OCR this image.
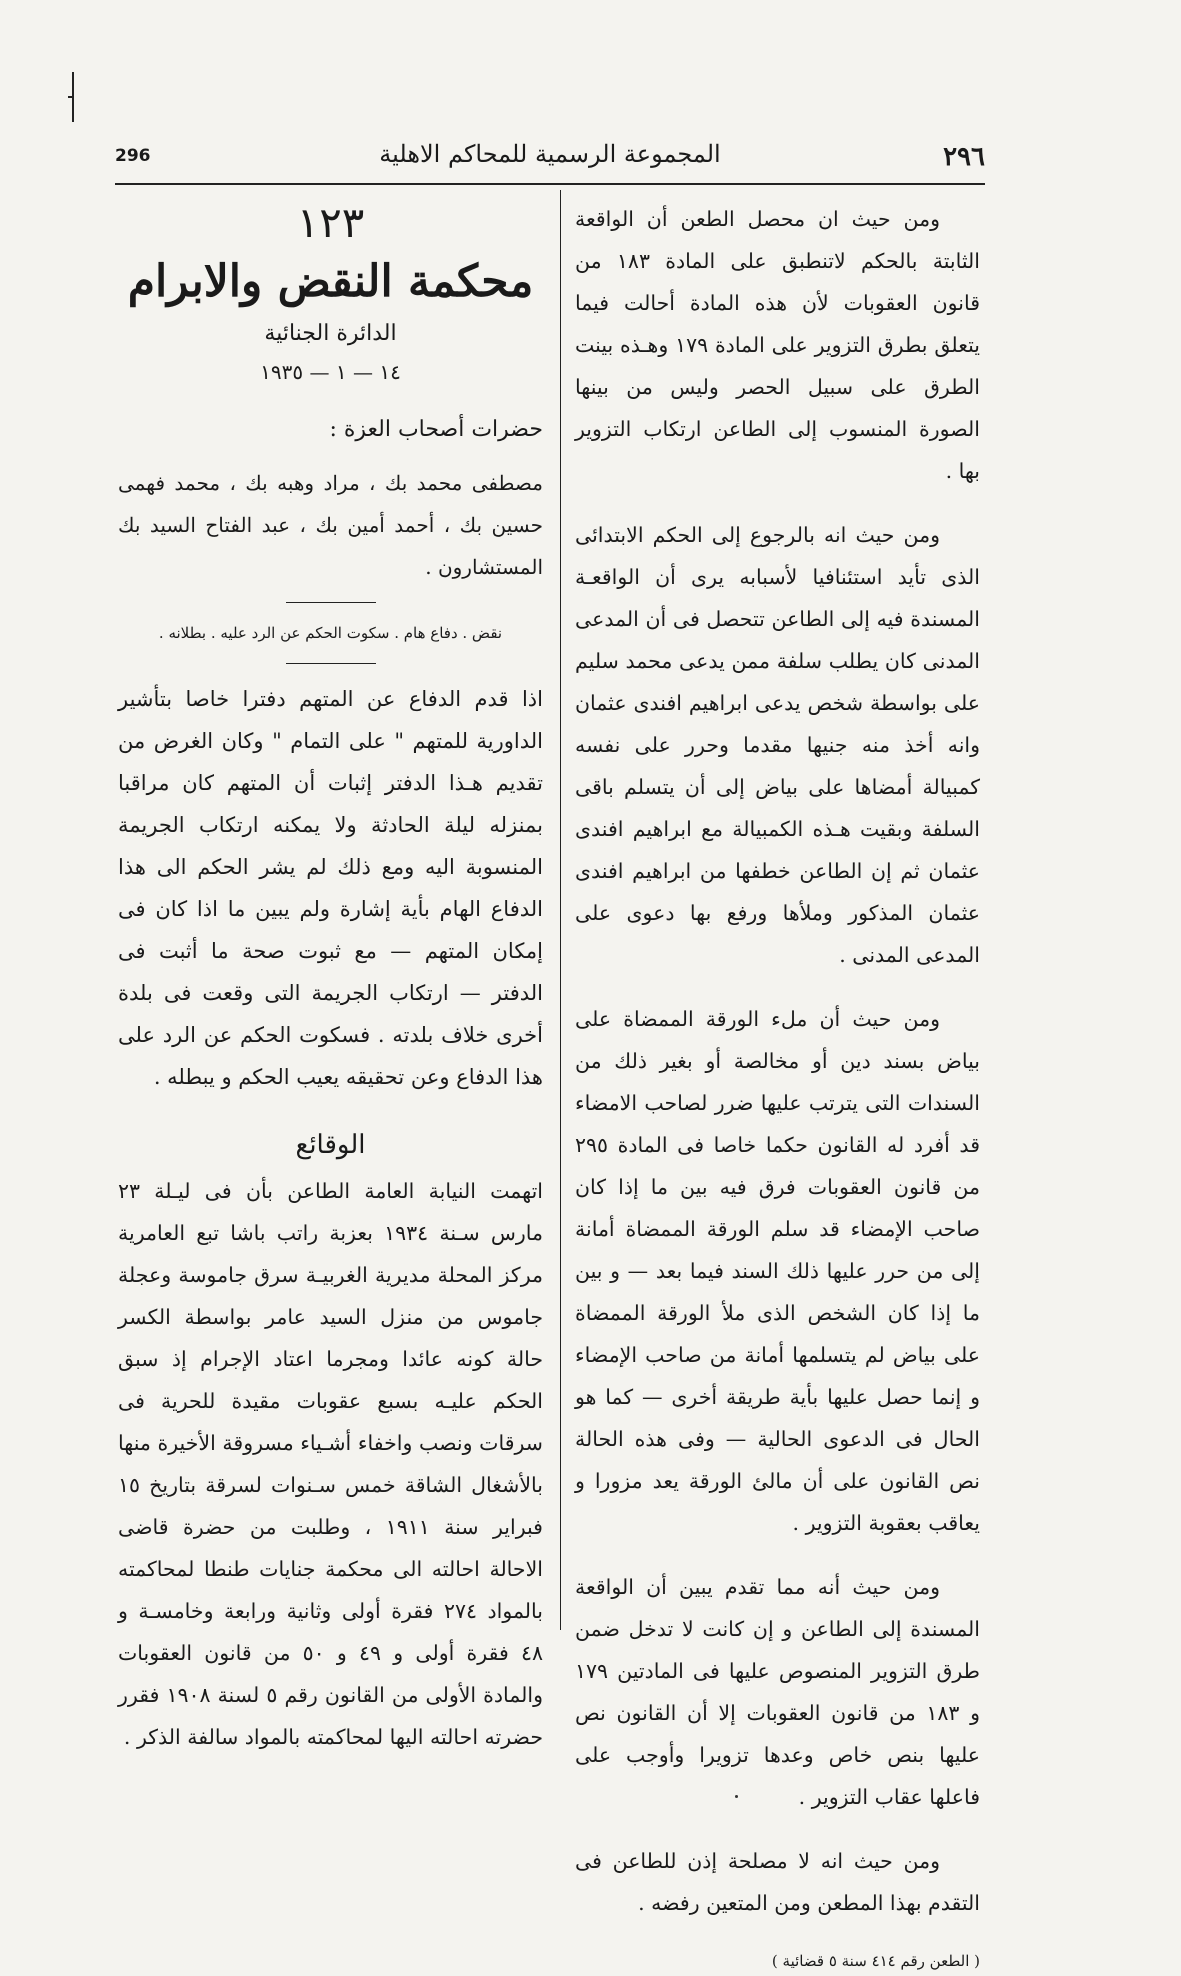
296	المجموعة الرسمية للمحاكم الاهلية	٢٩٦

ومن حيث ان محصل الطعن أن الواقعة الثابتة بالحكم لاتنطبق على المادة ١٨٣ من قانون العقوبات لأن هذه المادة أحالت فيما يتعلق بطرق التزوير على المادة ١٧٩ وهـذه بينت الطرق على سبيل الحصر وليس من بينها الصورة المنسوب إلى الطاعن ارتكاب التزوير بها .

ومن حيث انه بالرجوع إلى الحكم الابتدائى الذى تأيد استئنافيا لأسبابه يرى أن الواقعـة المسندة فيه إلى الطاعن تتحصل فى أن المدعى المدنى كان يطلب سلفة ممن يدعى محمد سليم على بواسطة شخص يدعى ابراهيم افندى عثمان وانه أخذ منه جنيها مقدما وحرر على نفسه كمبيالة أمضاها على بياض إلى أن يتسلم باقى السلفة وبقيت هـذه الكمبيالة مع ابراهيم افندى عثمان ثم إن الطاعن خطفها من ابراهيم افندى عثمان المذكور وملأها ورفع بها دعوى على المدعى المدنى .

ومن حيث أن ملء الورقة الممضاة على بياض بسند دين أو مخالصة أو بغير ذلك من السندات التى يترتب عليها ضرر لصاحب الامضاء قد أفرد له القانون حكما خاصا فى المادة ٢٩٥ من قانون العقوبات فرق فيه بين ما إذا كان صاحب الإمضاء قد سلم الورقة الممضاة أمانة إلى من حرر عليها ذلك السند فيما بعد — و بين ما إذا كان الشخص الذى ملأ الورقة الممضاة على بياض لم يتسلمها أمانة من صاحب الإمضاء و إنما حصل عليها بأية طريقة أخرى — كما هو الحال فى الدعوى الحالية — وفى هذه الحالة نص القانون على أن مالئ الورقة يعد مزورا و يعاقب بعقوبة التزوير .

ومن حيث أنه مما تقدم يبين أن الواقعة المسندة إلى الطاعن و إن كانت لا تدخل ضمن طرق التزوير المنصوص عليها فى المادتين ١٧٩ و ١٨٣ من قانون العقوبات إلا أن القانون نص عليها بنص خاص وعدها تزويرا وأوجب على فاعلها عقاب التزوير .

ومن حيث انه لا مصلحة إذن للطاعن فى التقدم بهذا المطعن ومن المتعين رفضه .

( الطعن رقم ٤١٤ سنة ٥ قضائية )
١٢٣
محكمة النقض والابرام
الدائرة الجنائية
١٤ — ١ — ١٩٣٥
حضرات أصحاب العزة :
مصطفى محمد بك ، مراد وهبه بك ، محمد فهمى حسين بك ، أحمد أمين بك ، عبد الفتاح السيد بك المستشارون .
نقض . دفاع هام . سكوت الحكم عن الرد عليه . بطلانه .

اذا قدم الدفاع عن المتهم دفترا خاصا بتأشير الداورية للمتهم " على التمام " وكان الغرض من تقديم هـذا الدفتر إثبات أن المتهم كان مراقبا بمنزله ليلة الحادثة ولا يمكنه ارتكاب الجريمة المنسوبة اليه ومع ذلك لم يشر الحكم الى هذا الدفاع الهام بأية إشارة ولم يبين ما اذا كان فى إمكان المتهم — مع ثبوت صحة ما أثبت فى الدفتر — ارتكاب الجريمة التى وقعت فى بلدة أخرى خلاف بلدته . فسكوت الحكم عن الرد على هذا الدفاع وعن تحقيقه يعيب الحكم و يبطله .

الوقائع

اتهمت النيابة العامة الطاعن بأن فى ليـلة ٢٣ مارس سـنة ١٩٣٤ بعزبة راتب باشا تبع العامرية مركز المحلة مديرية الغربيـة سرق جاموسة وعجلة جاموس من منزل السيد عامر بواسطة الكسر حالة كونه عائدا ومجرما اعتاد الإجرام إذ سبق الحكم عليـه بسبع عقوبات مقيدة للحرية فى سرقات ونصب واخفاء أشـياء مسروقة الأخيرة منها بالأشغال الشاقة خمس سـنوات لسرقة بتاريخ ١٥ فبراير سنة ١٩١١ ، وطلبت من حضرة قاضى الاحالة احالته الى محكمة جنايات طنطا لمحاكمته بالمواد ٢٧٤ فقرة أولى وثانية ورابعة وخامسـة و ٤٨ فقرة أولى و ٤٩ و ٥٠ من قانون العقوبات والمادة الأولى من القانون رقم ٥ لسنة ١٩٠٨ فقرر حضرته احالته اليها لمحاكمته بالمواد سالفة الذكر .
